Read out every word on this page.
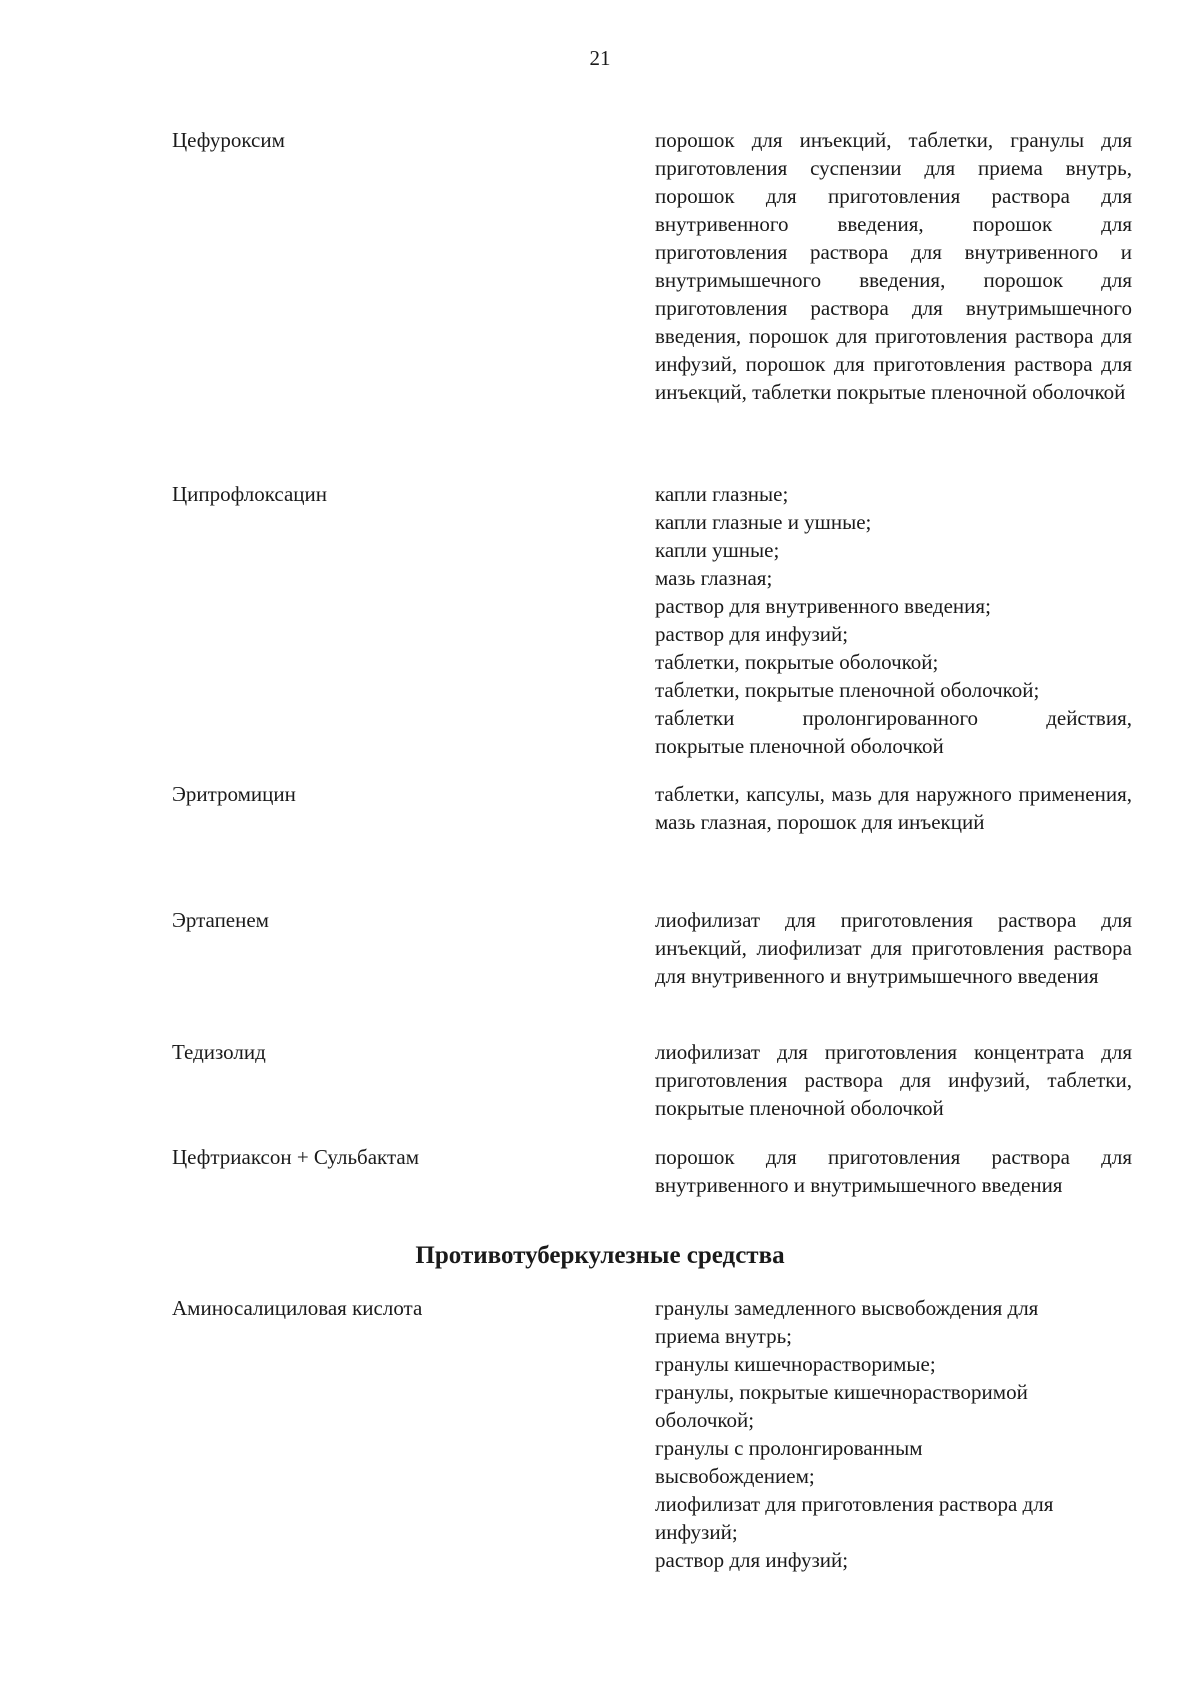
21
Цефуроксим	порошок для инъекций, таблетки, гранулы для приготовления суспензии для приема внутрь, порошок для приготовления раствора для внутривенного введения, порошок для приготовления раствора для внутривенного и внутримышечного введения, порошок для приготовления раствора для внутримышечного введения, порошок для приготовления раствора для инфузий, порошок для приготовления раствора для инъекций, таблетки покрытые пленочной оболочкой
Ципрофлоксацин	капли глазные;
капли глазные и ушные;
капли ушные;
мазь глазная;
раствор для внутривенного введения;
раствор для инфузий;
таблетки, покрытые оболочкой;
таблетки, покрытые пленочной оболочкой;
таблетки пролонгированного действия,
покрытые пленочной оболочкой
Эритромицин	таблетки, капсулы, мазь для наружного применения, мазь глазная, порошок для инъекций
Эртапенем	лиофилизат для приготовления раствора для инъекций, лиофилизат для приготовления раствора для внутривенного и внутримышечного введения
Тедизолид	лиофилизат для приготовления концентрата для приготовления раствора для инфузий, таблетки, покрытые пленочной оболочкой
Цефтриаксон + Сульбактам	порошок для приготовления раствора для внутривенного и внутримышечного введения
Противотуберкулезные средства
Аминосалициловая кислота	гранулы замедленного высвобождения для
приема внутрь;
гранулы кишечнорастворимые;
гранулы, покрытые кишечнорастворимой
оболочкой;
гранулы с пролонгированным
высвобождением;
лиофилизат для приготовления раствора для
инфузий;
раствор для инфузий;
